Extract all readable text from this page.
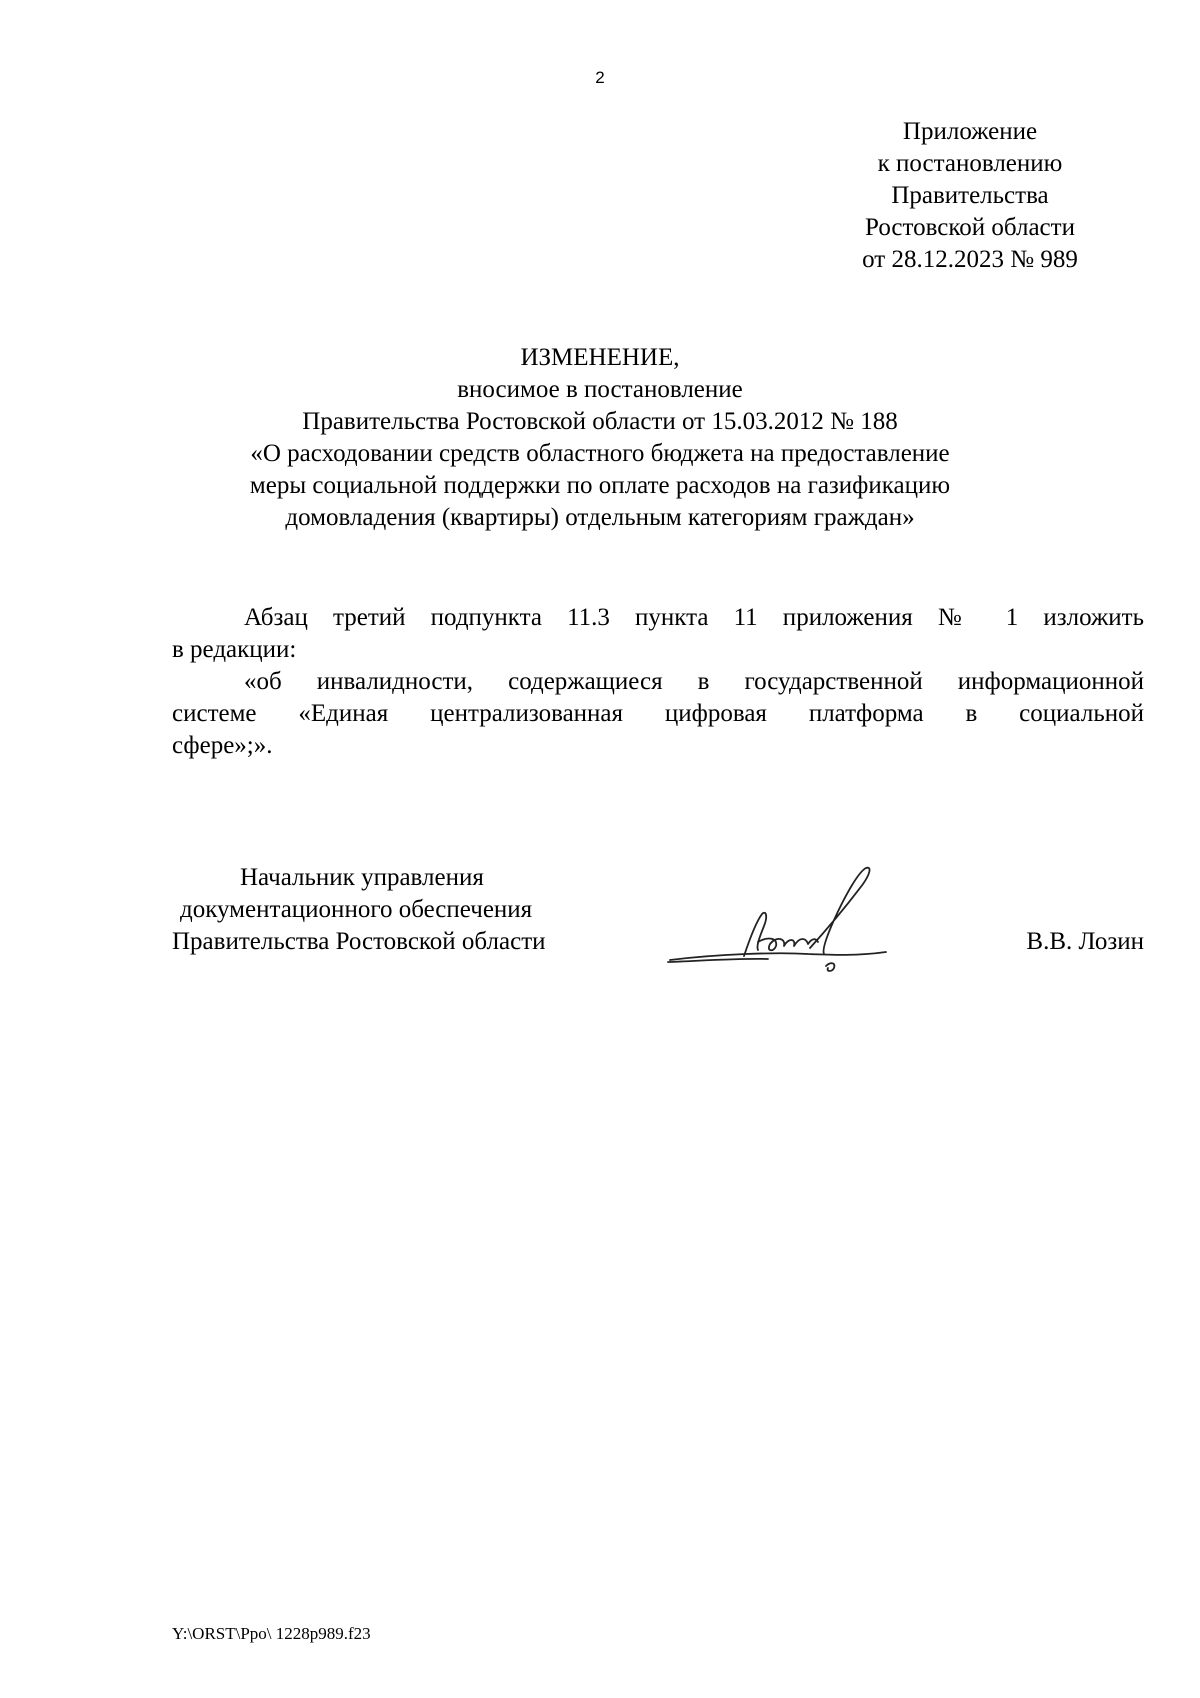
2
Приложение
к постановлению
Правительства
Ростовской области
от 28.12.2023 № 989
ИЗМЕНЕНИЕ,
вносимое в постановление
Правительства Ростовской области от 15.03.2012 № 188
«О расходовании средств областного бюджета на предоставление
меры социальной поддержки по оплате расходов на газификацию
домовладения (квартиры) отдельным категориям граждан»
Абзац третий подпункта 11.3 пункта 11 приложения № 1 изложить
в редакции:
«об инвалидности, содержащиеся в государственной информационной
системе «Единая централизованная цифровая платформа в социальной
сфере»;».
Начальник управления
документационного обеспечения
Правительства Ростовской области	В.В. Лозин
Y:\ORST\Ppo\ 1228p989.f23
